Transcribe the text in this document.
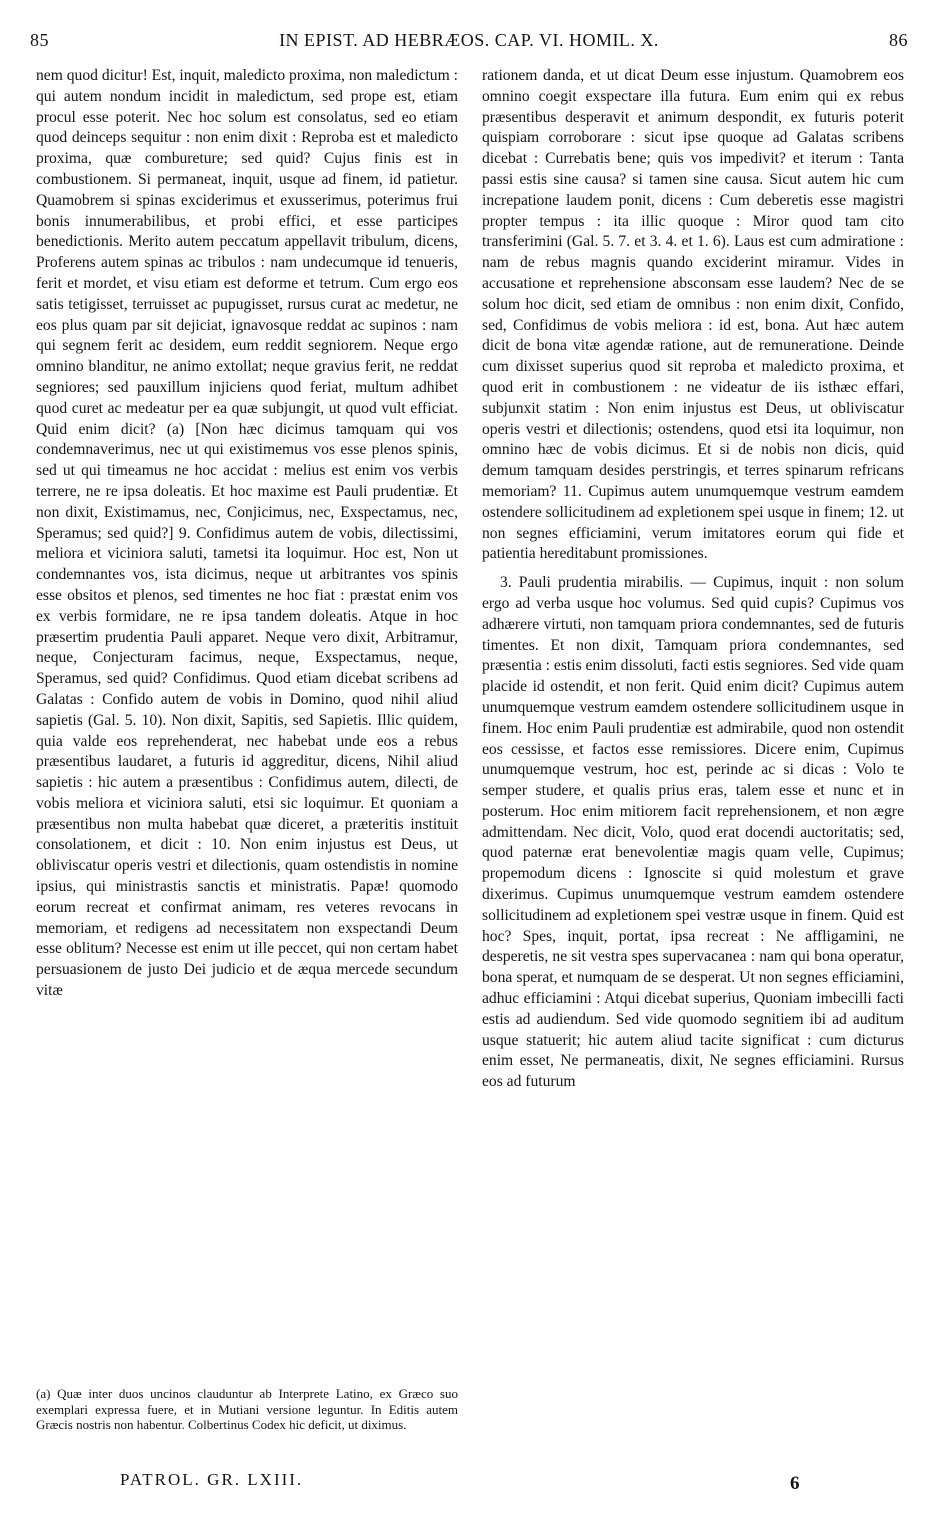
85	IN EPIST. AD HEBRÆOS. CAP. VI. HOMIL. X.	86

nem quod dicitur! Est, inquit, maledicto proxima, non maledictum : qui autem nondum incidit in maledictum, sed prope est, etiam procul esse poterit. Nec hoc solum est consolatus, sed eo etiam quod deinceps sequitur : non enim dixit : Reproba est et maledicto proxima, quæ combureture; sed quid? Cujus finis est in combustionem. Si permaneat, inquit, usque ad finem, id patietur. Quamobrem si spinas exciderimus et exusserimus, poterimus frui bonis innumerabilibus, et probi effici, et esse participes benedictionis. Merito autem peccatum appellavit tribulum, dicens, Proferens autem spinas ac tribulos : nam undecumque id tenueris, ferit et mordet, et visu etiam est deforme et tetrum. Cum ergo eos satis tetigisset, terruisset ac pupugisset, rursus curat ac medetur, ne eos plus quam par sit dejiciat, ignavosque reddat ac supinos : nam qui segnem ferit ac desidem, eum reddit segniorem. Neque ergo omnino blanditur, ne animo extollat; neque gravius ferit, ne reddat segniores; sed pauxillum injiciens quod feriat, multum adhibet quod curet ac medeatur per ea quæ subjungit, ut quod vult efficiat. Quid enim dicit? (a) [Non hæc dicimus tamquam qui vos condemnaverimus, nec ut qui existimemus vos esse plenos spinis, sed ut qui timeamus ne hoc accidat : melius est enim vos verbis terrere, ne re ipsa doleatis. Et hoc maxime est Pauli prudentiæ. Et non dixit, Existimamus, nec, Conjicimus, nec, Exspectamus, nec, Speramus; sed quid?] 9. Confidimus autem de vobis, dilectissimi, meliora et viciniora saluti, tametsi ita loquimur. Hoc est, Non ut condemnantes vos, ista dicimus, neque ut arbitrantes vos spinis esse obsitos et plenos, sed timentes ne hoc fiat : præstat enim vos ex verbis formidare, ne re ipsa tandem doleatis. Atque in hoc præsertim prudentia Pauli apparet. Neque vero dixit, Arbitramur, neque, Conjecturam facimus, neque, Exspectamus, neque, Speramus, sed quid? Confidimus. Quod etiam dicebat scribens ad Galatas : Confido autem de vobis in Domino, quod nihil aliud sapietis (Gal. 5. 10). Non dixit, Sapitis, sed Sapietis. Illic quidem, quia valde eos reprehenderat, nec habebat unde eos a rebus præsentibus laudaret, a futuris id aggreditur, dicens, Nihil aliud sapietis : hic autem a præsentibus : Confidimus autem, dilecti, de vobis meliora et viciniora saluti, etsi sic loquimur. Et quoniam a præsentibus non multa habebat quæ diceret, a præteritis instituit consolationem, et dicit : 10. Non enim injustus est Deus, ut obliviscatur operis vestri et dilectionis, quam ostendistis in nomine ipsius, qui ministrastis sanctis et ministratis. Papæ! quomodo eorum recreat et confirmat animam, res veteres revocans in memoriam, et redigens ad necessitatem non exspectandi Deum esse oblitum? Necesse est enim ut ille peccet, qui non certam habet persuasionem de justo Dei judicio et de æqua mercede secundum vitæ

rationem danda, et ut dicat Deum esse injustum. Quamobrem eos omnino coegit exspectare illa futura. Eum enim qui ex rebus præsentibus desperavit et animum despondit, ex futuris poterit quispiam corroborare : sicut ipse quoque ad Galatas scribens dicebat : Currebatis bene; quis vos impedivit? et iterum : Tanta passi estis sine causa? si tamen sine causa. Sicut autem hic cum increpatione laudem ponit, dicens : Cum deberetis esse magistri propter tempus : ita illic quoque : Miror quod tam cito transferimini (Gal. 5. 7. et 3. 4. et 1. 6). Laus est cum admiratione : nam de rebus magnis quando exciderint miramur. Vides in accusatione et reprehensione absconsam esse laudem? Nec de se solum hoc dicit, sed etiam de omnibus : non enim dixit, Confido, sed, Confidimus de vobis meliora : id est, bona. Aut hæc autem dicit de bona vitæ agendæ ratione, aut de remuneratione. Deinde cum dixisset superius quod sit reproba et maledicto proxima, et quod erit in combustionem : ne videatur de iis isthæc effari, subjunxit statim : Non enim injustus est Deus, ut obliviscatur operis vestri et dilectionis; ostendens, quod etsi ita loquimur, non omnino hæc de vobis dicimus. Et si de nobis non dicis, quid demum tamquam desides perstringis, et terres spinarum refricans memoriam? 11. Cupimus autem unumquemque vestrum eamdem ostendere sollicitudinem ad expletionem spei usque in finem; 12. ut non segnes efficiamini, verum imitatores eorum qui fide et patientia hereditabunt promissiones.

3. Pauli prudentia mirabilis. — Cupimus, inquit : non solum ergo ad verba usque hoc volumus. Sed quid cupis? Cupimus vos adhærere virtuti, non tamquam priora condemnantes, sed de futuris timentes. Et non dixit, Tamquam priora condemnantes, sed præsentia : estis enim dissoluti, facti estis segniores. Sed vide quam placide id ostendit, et non ferit. Quid enim dicit? Cupimus autem unumquemque vestrum eamdem ostendere sollicitudinem usque in finem. Hoc enim Pauli prudentiæ est admirabile, quod non ostendit eos cessisse, et factos esse remissiores. Dicere enim, Cupimus unumquemque vestrum, hoc est, perinde ac si dicas : Volo te semper studere, et qualis prius eras, talem esse et nunc et in posterum. Hoc enim mitiorem facit reprehensionem, et non ægre admittendam. Nec dicit, Volo, quod erat docendi auctoritatis; sed, quod paternæ erat benevolentiæ magis quam velle, Cupimus; propemodum dicens : Ignoscite si quid molestum et grave dixerimus. Cupimus unumquemque vestrum eamdem ostendere sollicitudinem ad expletionem spei vestræ usque in finem. Quid est hoc? Spes, inquit, portat, ipsa recreat : Ne affligamini, ne desperetis, ne sit vestra spes supervacanea : nam qui bona operatur, bona sperat, et numquam de se desperat. Ut non segnes efficiamini, adhuc efficiamini : Atqui dicebat superius, Quoniam imbecilli facti estis ad audiendum. Sed vide quomodo segnitiem ibi ad auditum usque statuerit; hic autem aliud tacite significat : cum dicturus enim esset, Ne permaneatis, dixit, Ne segnes efficiamini. Rursus eos ad futurum

(a) Quæ inter duos uncinos clauduntur ab Interprete Latino, ex Græco suo exemplari expressa fuere, et in Mutiani versione leguntur. In Editis autem Græcis nostris non habentur. Colbertinus Codex hic deficit, ut diximus.
PATROL. GR. LXIII.	6
